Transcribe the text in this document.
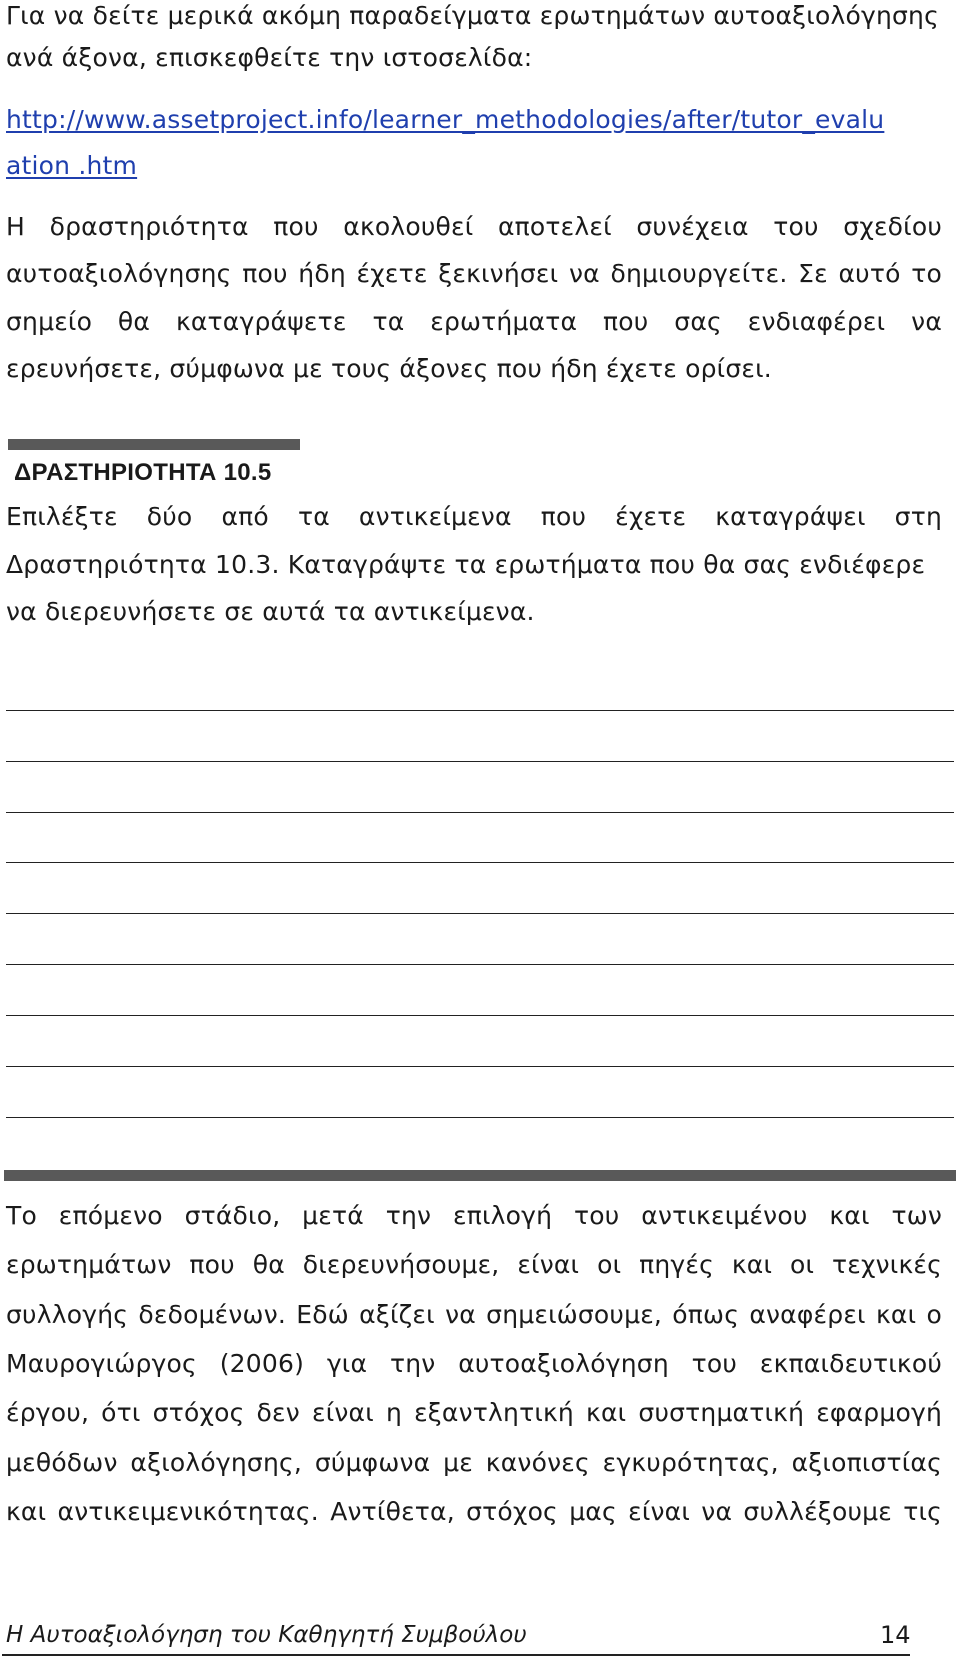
Για να δείτε μερικά ακόμη παραδείγματα ερωτημάτων αυτοαξιολόγησης

ανά άξονα, επισκεφθείτε την ιστοσελίδα:

http://www.assetproject.info/learner_methodologies/after/tutor_evalu

ation .htm

Η δραστηριότητα που ακολουθεί αποτελεί συνέχεια του σχεδίου

αυτοαξιολόγησης που ήδη έχετε ξεκινήσει να δημιουργείτε. Σε αυτό το

σημείο θα καταγράψετε τα ερωτήματα που σας ενδιαφέρει να

ερευνήσετε, σύμφωνα με τους άξονες που ήδη έχετε ορίσει.

ΔΡΑΣΤΗΡΙΟΤΗΤΑ 10.5

Επιλέξτε δύο από τα αντικείμενα που έχετε καταγράψει στη

Δραστηριότητα 10.3. Καταγράψτε τα ερωτήματα που θα σας ενδιέφερε

να διερευνήσετε σε αυτά τα αντικείμενα.

Το επόμενο στάδιο, μετά την επιλογή του αντικειμένου και των

ερωτημάτων που θα διερευνήσουμε, είναι οι πηγές και οι τεχνικές

συλλογής δεδομένων. Εδώ αξίζει να σημειώσουμε, όπως αναφέρει και ο

Μαυρογιώργος (2006) για την αυτοαξιολόγηση του εκπαιδευτικού

έργου, ότι στόχος δεν είναι η εξαντλητική και συστηματική εφαρμογή

μεθόδων αξιολόγησης, σύμφωνα με κανόνες εγκυρότητας, αξιοπιστίας

και αντικειμενικότητας. Αντίθετα, στόχος μας είναι να συλλέξουμε τις

Η Αυτοαξιολόγηση του Καθηγητή Συμβούλου	14
